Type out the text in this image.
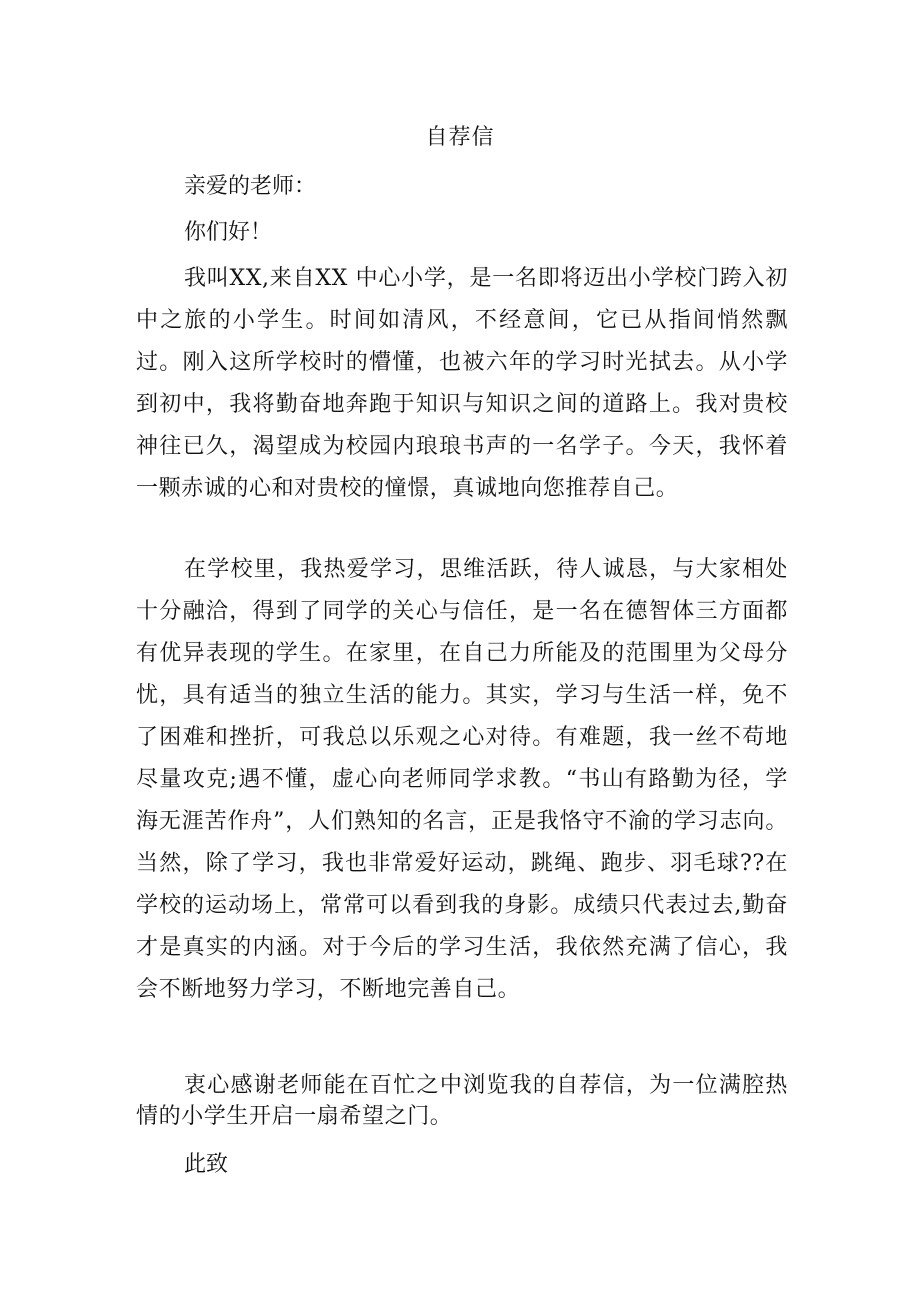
自荐信
亲爱的老师：
你们好！

我叫XX,来自XX 中心小学，是一名即将迈出小学校门跨入初中之旅的小学生。时间如清风，不经意间，它已从指间悄然飘过。刚入这所学校时的懵懂，也被六年的学习时光拭去。从小学到初中，我将勤奋地奔跑于知识与知识之间的道路上。我对贵校神往已久，渴望成为校园内琅琅书声的一名学子。今天，我怀着一颗赤诚的心和对贵校的憧憬，真诚地向您推荐自己。

在学校里，我热爱学习，思维活跃，待人诚恳，与大家相处十分融洽，得到了同学的关心与信任，是一名在德智体三方面都有优异表现的学生。在家里，在自己力所能及的范围里为父母分忧，具有适当的独立生活的能力。其实，学习与生活一样，免不了困难和挫折，可我总以乐观之心对待。有难题，我一丝不苟地尽量攻克;遇不懂，虚心向老师同学求教。“书山有路勤为径，学海无涯苦作舟”，人们熟知的名言，正是我恪守不渝的学习志向。当然，除了学习，我也非常爱好运动，跳绳、跑步、羽毛球??在学校的运动场上，常常可以看到我的身影。成绩只代表过去,勤奋才是真实的内涵。对于今后的学习生活，我依然充满了信心，我会不断地努力学习，不断地完善自己。

衷心感谢老师能在百忙之中浏览我的自荐信，为一位满腔热情的小学生开启一扇希望之门。

此致
